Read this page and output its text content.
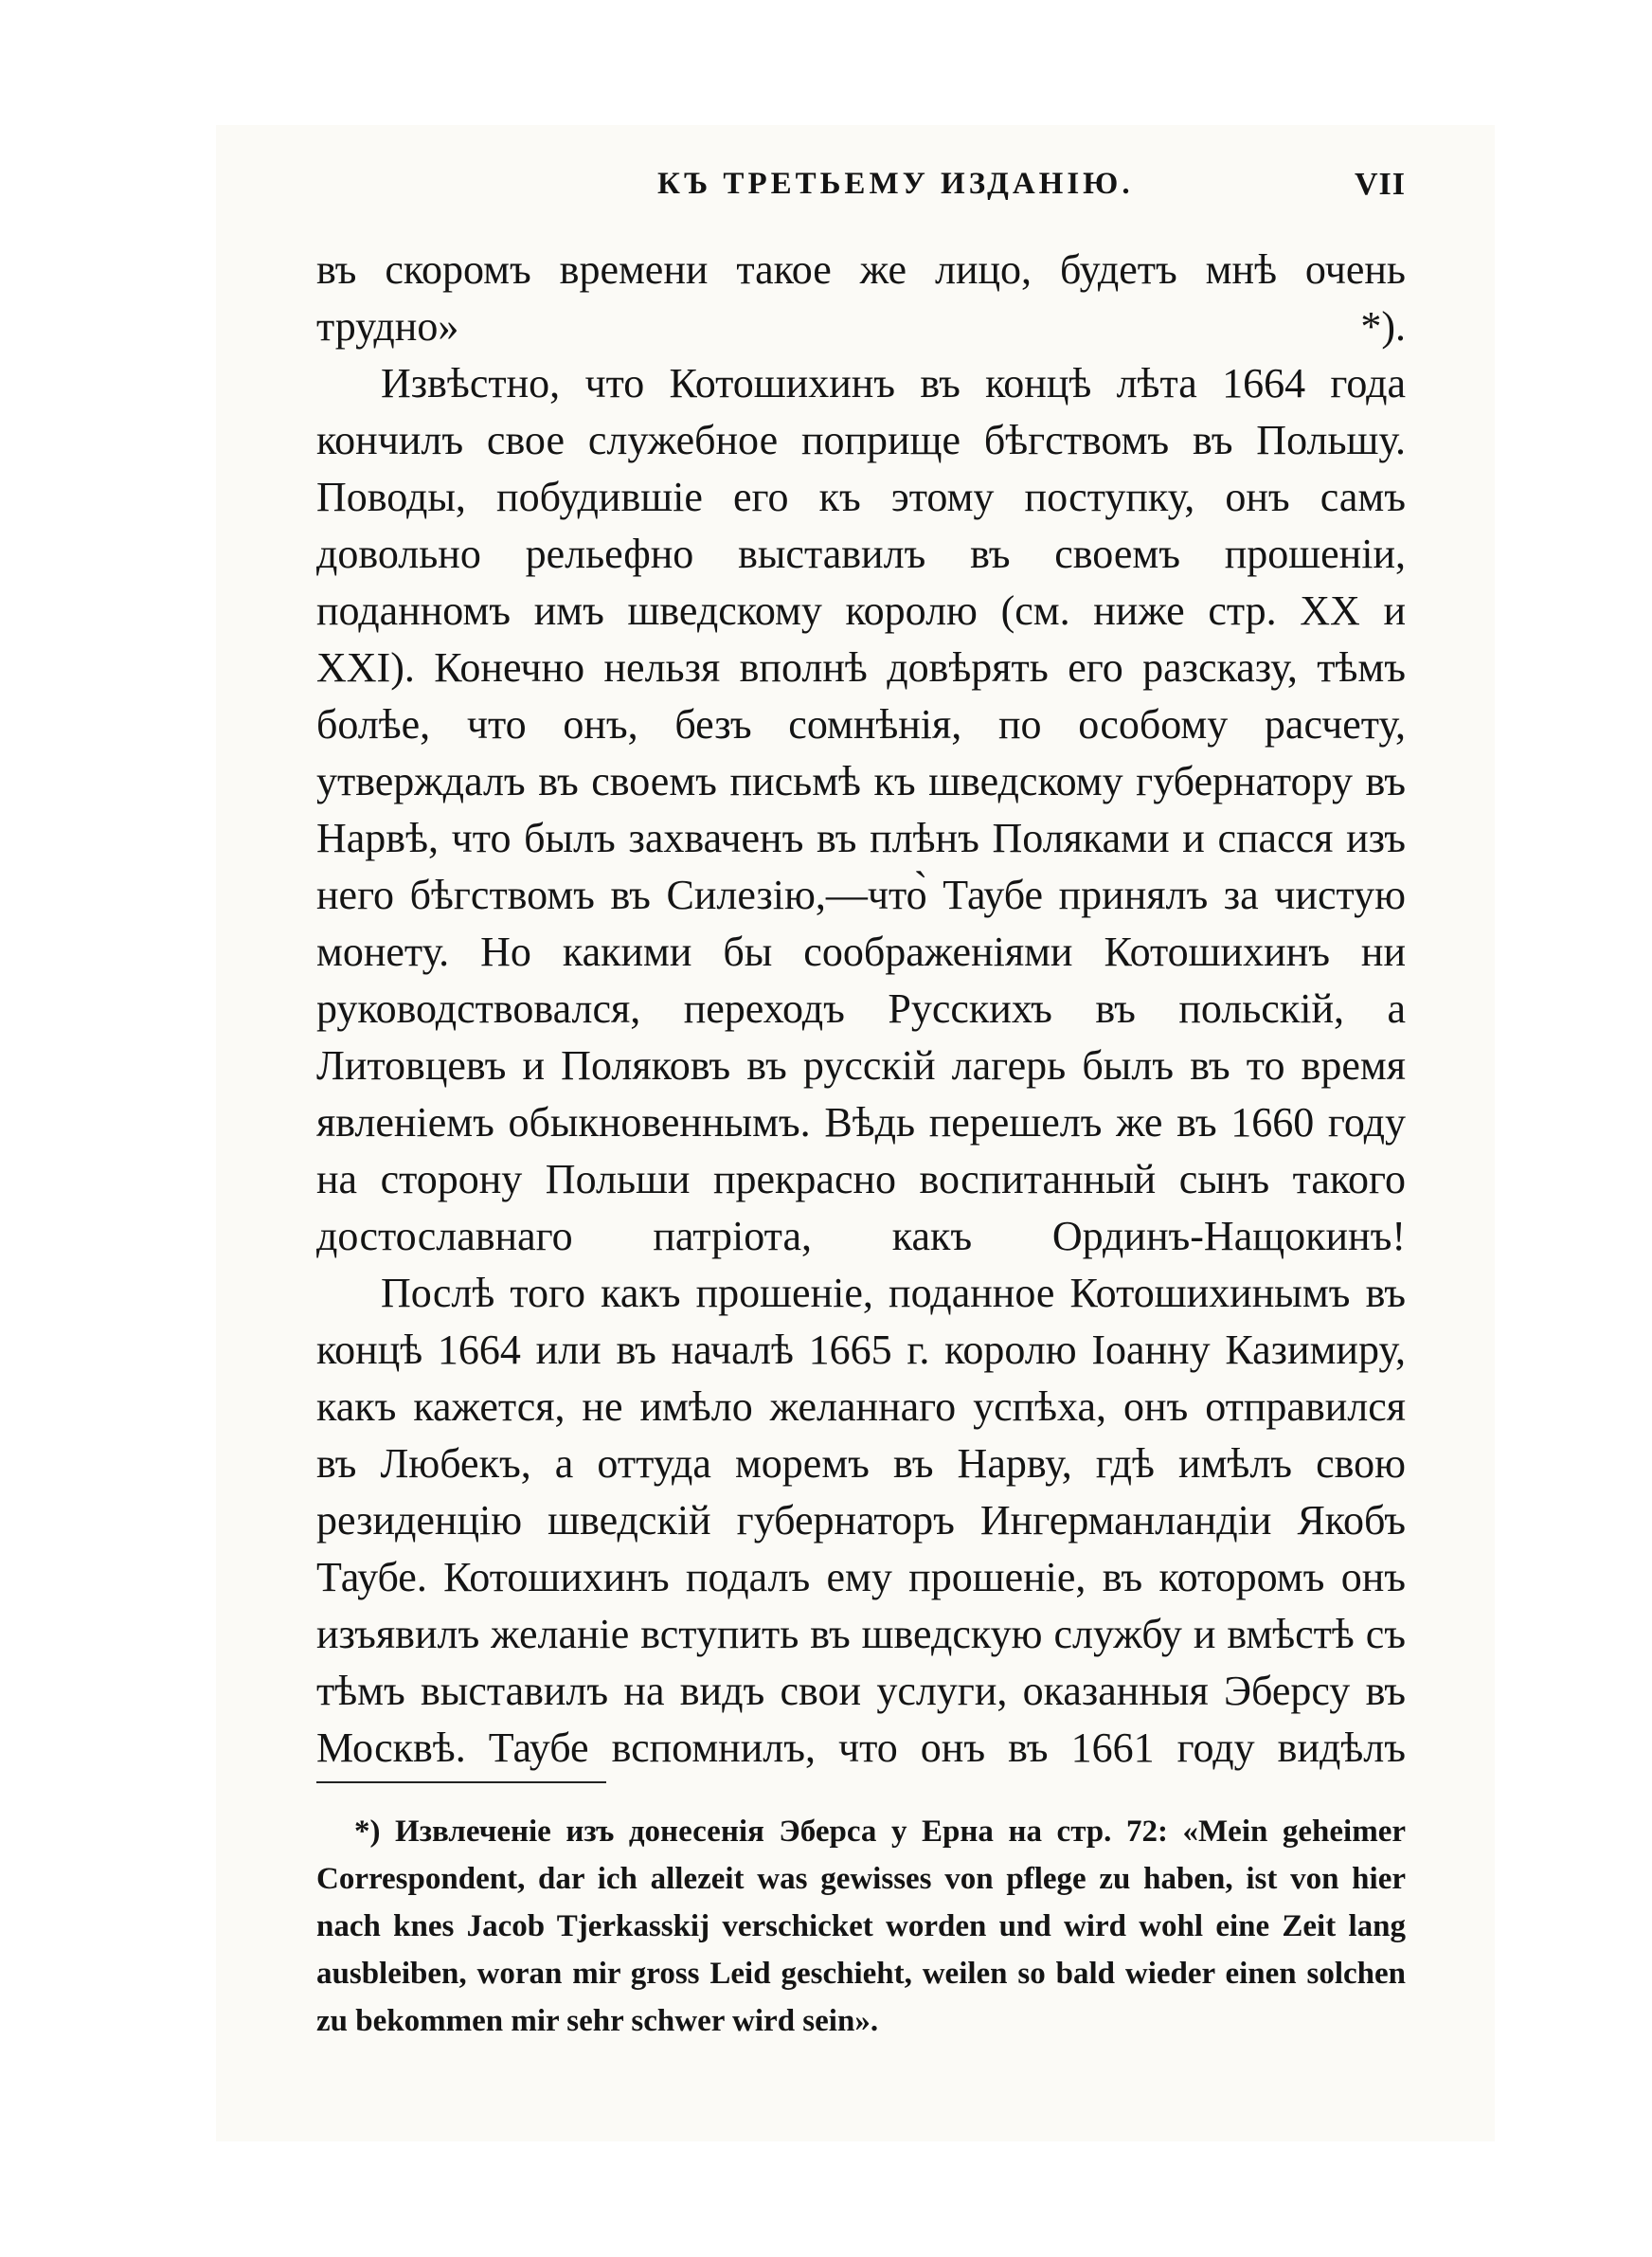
КЪ ТРЕТЬЕМУ ИЗДАНІЮ.	VII

въ скоромъ времени такое же лицо, будетъ мнѣ очень трудно» *).

Извѣстно, что Котошихинъ въ концѣ лѣта 1664 года кончилъ свое служебное поприще бѣгствомъ въ Польшу. Поводы, побудившіе его къ этому поступку, онъ самъ довольно рельефно выставилъ въ своемъ прошеніи, поданномъ имъ шведскому королю (см. ниже стр. XX и XXI). Конечно нельзя вполнѣ довѣрять его разсказу, тѣмъ болѣе, что онъ, безъ сомнѣнія, по особому расчету, утверждалъ въ своемъ письмѣ къ шведскому губернатору въ Нарвѣ, что былъ захваченъ въ плѣнъ Поляками и спасся изъ него бѣгствомъ въ Силезію,—что̀ Таубе принялъ за чистую монету. Но какими бы соображеніями Котошихинъ ни руководствовался, переходъ Русскихъ въ польскій, а Литовцевъ и Поляковъ въ русскій лагерь былъ въ то время явленіемъ обыкновеннымъ. Вѣдь перешелъ же въ 1660 году на сторону Польши прекрасно воспитанный сынъ такого достославнаго патріота, какъ Ординъ-Нащокинъ!

Послѣ того какъ прошеніе, поданное Котошихинымъ въ концѣ 1664 или въ началѣ 1665 г. королю Іоанну Казимиру, какъ кажется, не имѣло желаннаго успѣха, онъ отправился въ Любекъ, а оттуда моремъ въ Нарву, гдѣ имѣлъ свою резиденцію шведскій губернаторъ Ингерманландіи Якобъ Таубе. Котошихинъ подалъ ему прошеніе, въ которомъ онъ изъявилъ желаніе вступить въ шведскую службу и вмѣстѣ съ тѣмъ выставилъ на видъ свои услуги, оказанныя Эберсу въ Москвѣ. Таубе вспомнилъ, что онъ въ 1661 году видѣлъ

*) Извлеченіе изъ донесенія Эберса у Ерна на стр. 72: «Mein geheimer Correspondent, dar ich allezeit was gewisses von pflege zu haben, ist von hier nach knes Jacob Tjerkasskij verschicket worden und wird wohl eine Zeit lang ausbleiben, woran mir gross Leid geschieht, weilen so bald wieder einen solchen zu bekommen mir sehr schwer wird sein».
